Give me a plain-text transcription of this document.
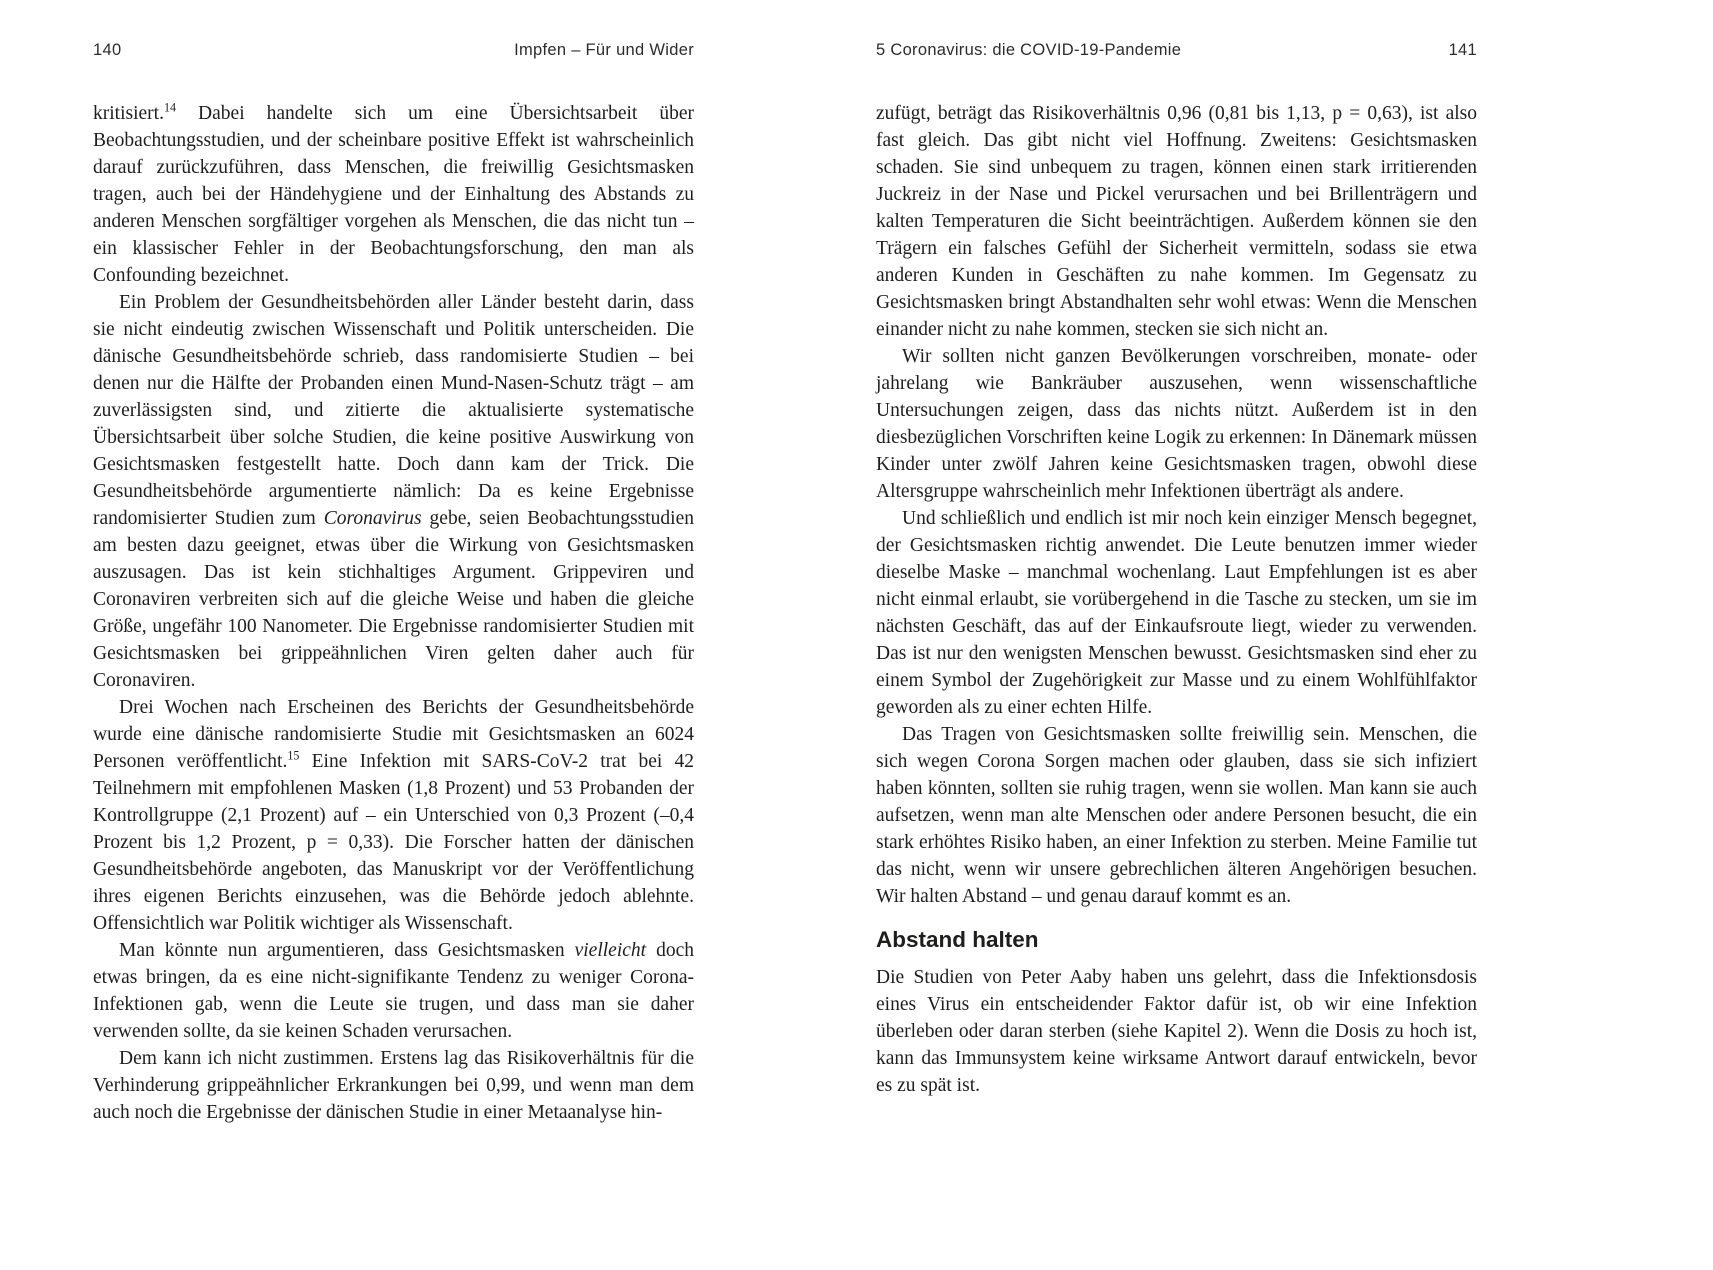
140	Impfen – Für und Wider

kritisiert.$^{14}$ Dabei handelte sich um eine Übersichtsarbeit über Beobachtungsstudien, und der scheinbare positive Effekt ist wahrscheinlich darauf zurückzuführen, dass Menschen, die freiwillig Gesichtsmasken tragen, auch bei der Händehygiene und der Einhaltung des Abstands zu anderen Menschen sorgfältiger vorgehen als Menschen, die das nicht tun – ein klassischer Fehler in der Beobachtungsforschung, den man als Confounding bezeichnet.

Ein Problem der Gesundheitsbehörden aller Länder besteht darin, dass sie nicht eindeutig zwischen Wissenschaft und Politik unterscheiden. Die dänische Gesundheitsbehörde schrieb, dass randomisierte Studien – bei denen nur die Hälfte der Probanden einen Mund-Nasen-Schutz trägt – am zuverlässigsten sind, und zitierte die aktualisierte systematische Übersichtsarbeit über solche Studien, die keine positive Auswirkung von Gesichtsmasken festgestellt hatte. Doch dann kam der Trick. Die Gesundheitsbehörde argumentierte nämlich: Da es keine Ergebnisse randomisierter Studien zum Coronavirus gebe, seien Beobachtungsstudien am besten dazu geeignet, etwas über die Wirkung von Gesichtsmasken auszusagen. Das ist kein stichhaltiges Argument. Grippeviren und Coronaviren verbreiten sich auf die gleiche Weise und haben die gleiche Größe, ungefähr 100 Nanometer. Die Ergebnisse randomisierter Studien mit Gesichtsmasken bei grippeähnlichen Viren gelten daher auch für Coronaviren.

Drei Wochen nach Erscheinen des Berichts der Gesundheitsbehörde wurde eine dänische randomisierte Studie mit Gesichtsmasken an 6024 Personen veröffentlicht.$^{15}$ Eine Infektion mit SARS-CoV-2 trat bei 42 Teilnehmern mit empfohlenen Masken (1,8 Prozent) und 53 Probanden der Kontrollgruppe (2,1 Prozent) auf – ein Unterschied von 0,3 Prozent (–0,4 Prozent bis 1,2 Prozent, p = 0,33). Die Forscher hatten der dänischen Gesundheitsbehörde angeboten, das Manuskript vor der Veröffentlichung ihres eigenen Berichts einzusehen, was die Behörde jedoch ablehnte. Offensichtlich war Politik wichtiger als Wissenschaft.

Man könnte nun argumentieren, dass Gesichtsmasken vielleicht doch etwas bringen, da es eine nicht-signifikante Tendenz zu weniger Corona-Infektionen gab, wenn die Leute sie trugen, und dass man sie daher verwenden sollte, da sie keinen Schaden verursachen.

Dem kann ich nicht zustimmen. Erstens lag das Risikoverhältnis für die Verhinderung grippeähnlicher Erkrankungen bei 0,99, und wenn man dem auch noch die Ergebnisse der dänischen Studie in einer Metaanalyse hin-

5 Coronavirus: die COVID-19-Pandemie	141

zufügt, beträgt das Risikoverhältnis 0,96 (0,81 bis 1,13, p = 0,63), ist also fast gleich. Das gibt nicht viel Hoffnung. Zweitens: Gesichtsmasken schaden. Sie sind unbequem zu tragen, können einen stark irritierenden Juckreiz in der Nase und Pickel verursachen und bei Brillenträgern und kalten Temperaturen die Sicht beeinträchtigen. Außerdem können sie den Trägern ein falsches Gefühl der Sicherheit vermitteln, sodass sie etwa anderen Kunden in Geschäften zu nahe kommen. Im Gegensatz zu Gesichtsmasken bringt Abstandhalten sehr wohl etwas: Wenn die Menschen einander nicht zu nahe kommen, stecken sie sich nicht an.

Wir sollten nicht ganzen Bevölkerungen vorschreiben, monate- oder jahrelang wie Bankräuber auszusehen, wenn wissenschaftliche Untersuchungen zeigen, dass das nichts nützt. Außerdem ist in den diesbezüglichen Vorschriften keine Logik zu erkennen: In Dänemark müssen Kinder unter zwölf Jahren keine Gesichtsmasken tragen, obwohl diese Altersgruppe wahrscheinlich mehr Infektionen überträgt als andere.

Und schließlich und endlich ist mir noch kein einziger Mensch begegnet, der Gesichtsmasken richtig anwendet. Die Leute benutzen immer wieder dieselbe Maske – manchmal wochenlang. Laut Empfehlungen ist es aber nicht einmal erlaubt, sie vorübergehend in die Tasche zu stecken, um sie im nächsten Geschäft, das auf der Einkaufsroute liegt, wieder zu verwenden. Das ist nur den wenigsten Menschen bewusst. Gesichtsmasken sind eher zu einem Symbol der Zugehörigkeit zur Masse und zu einem Wohlfühlfaktor geworden als zu einer echten Hilfe.

Das Tragen von Gesichtsmasken sollte freiwillig sein. Menschen, die sich wegen Corona Sorgen machen oder glauben, dass sie sich infiziert haben könnten, sollten sie ruhig tragen, wenn sie wollen. Man kann sie auch aufsetzen, wenn man alte Menschen oder andere Personen besucht, die ein stark erhöhtes Risiko haben, an einer Infektion zu sterben. Meine Familie tut das nicht, wenn wir unsere gebrechlichen älteren Angehörigen besuchen. Wir halten Abstand – und genau darauf kommt es an.

Abstand halten

Die Studien von Peter Aaby haben uns gelehrt, dass die Infektionsdosis eines Virus ein entscheidender Faktor dafür ist, ob wir eine Infektion überleben oder daran sterben (siehe Kapitel 2). Wenn die Dosis zu hoch ist, kann das Immunsystem keine wirksame Antwort darauf entwickeln, bevor es zu spät ist.
